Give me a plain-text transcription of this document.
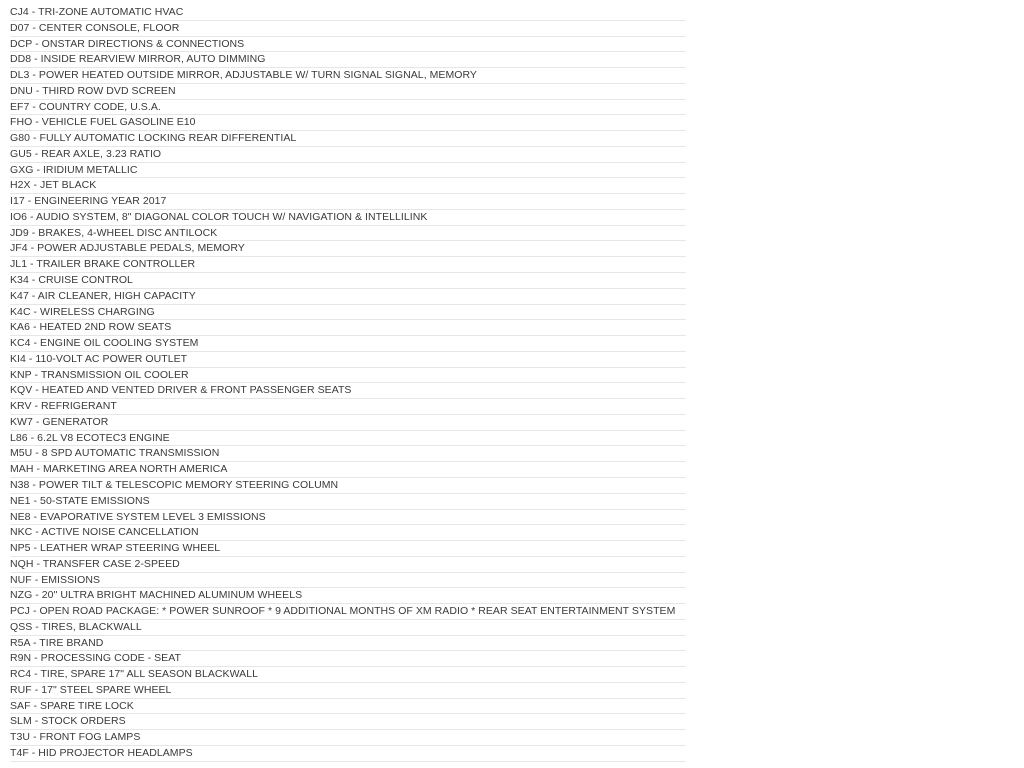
CJ4 - TRI-ZONE AUTOMATIC HVAC
D07 - CENTER CONSOLE, FLOOR
DCP - ONSTAR DIRECTIONS & CONNECTIONS
DD8 - INSIDE REARVIEW MIRROR, AUTO DIMMING
DL3 - POWER HEATED OUTSIDE MIRROR, ADJUSTABLE W/ TURN SIGNAL SIGNAL, MEMORY
DNU - THIRD ROW DVD SCREEN
EF7 - COUNTRY CODE, U.S.A.
FHO - VEHICLE FUEL GASOLINE E10
G80 - FULLY AUTOMATIC LOCKING REAR DIFFERENTIAL
GU5 - REAR AXLE, 3.23 RATIO
GXG - IRIDIUM METALLIC
H2X - JET BLACK
I17 - ENGINEERING YEAR 2017
IO6 - AUDIO SYSTEM, 8" DIAGONAL COLOR TOUCH W/ NAVIGATION & INTELLILINK
JD9 - BRAKES, 4-WHEEL DISC ANTILOCK
JF4 - POWER ADJUSTABLE PEDALS, MEMORY
JL1 - TRAILER BRAKE CONTROLLER
K34 - CRUISE CONTROL
K47 - AIR CLEANER, HIGH CAPACITY
K4C - WIRELESS CHARGING
KA6 - HEATED 2ND ROW SEATS
KC4 - ENGINE OIL COOLING SYSTEM
KI4 - 110-VOLT AC POWER OUTLET
KNP - TRANSMISSION OIL COOLER
KQV - HEATED AND VENTED DRIVER & FRONT PASSENGER SEATS
KRV - REFRIGERANT
KW7 - GENERATOR
L86 - 6.2L V8 ECOTEC3 ENGINE
M5U - 8 SPD AUTOMATIC TRANSMISSION
MAH - MARKETING AREA NORTH AMERICA
N38 - POWER TILT & TELESCOPIC MEMORY STEERING COLUMN
NE1 - 50-STATE EMISSIONS
NE8 - EVAPORATIVE SYSTEM LEVEL 3 EMISSIONS
NKC - ACTIVE NOISE CANCELLATION
NP5 - LEATHER WRAP STEERING WHEEL
NQH - TRANSFER CASE 2-SPEED
NUF - EMISSIONS
NZG - 20" ULTRA BRIGHT MACHINED ALUMINUM WHEELS
PCJ - OPEN ROAD PACKAGE: * POWER SUNROOF * 9 ADDITIONAL MONTHS OF XM RADIO * REAR SEAT ENTERTAINMENT SYSTEM
QSS - TIRES, BLACKWALL
R5A - TIRE BRAND
R9N - PROCESSING CODE - SEAT
RC4 - TIRE, SPARE 17" ALL SEASON BLACKWALL
RUF - 17" STEEL SPARE WHEEL
SAF - SPARE TIRE LOCK
SLM - STOCK ORDERS
T3U - FRONT FOG LAMPS
T4F - HID PROJECTOR HEADLAMPS
